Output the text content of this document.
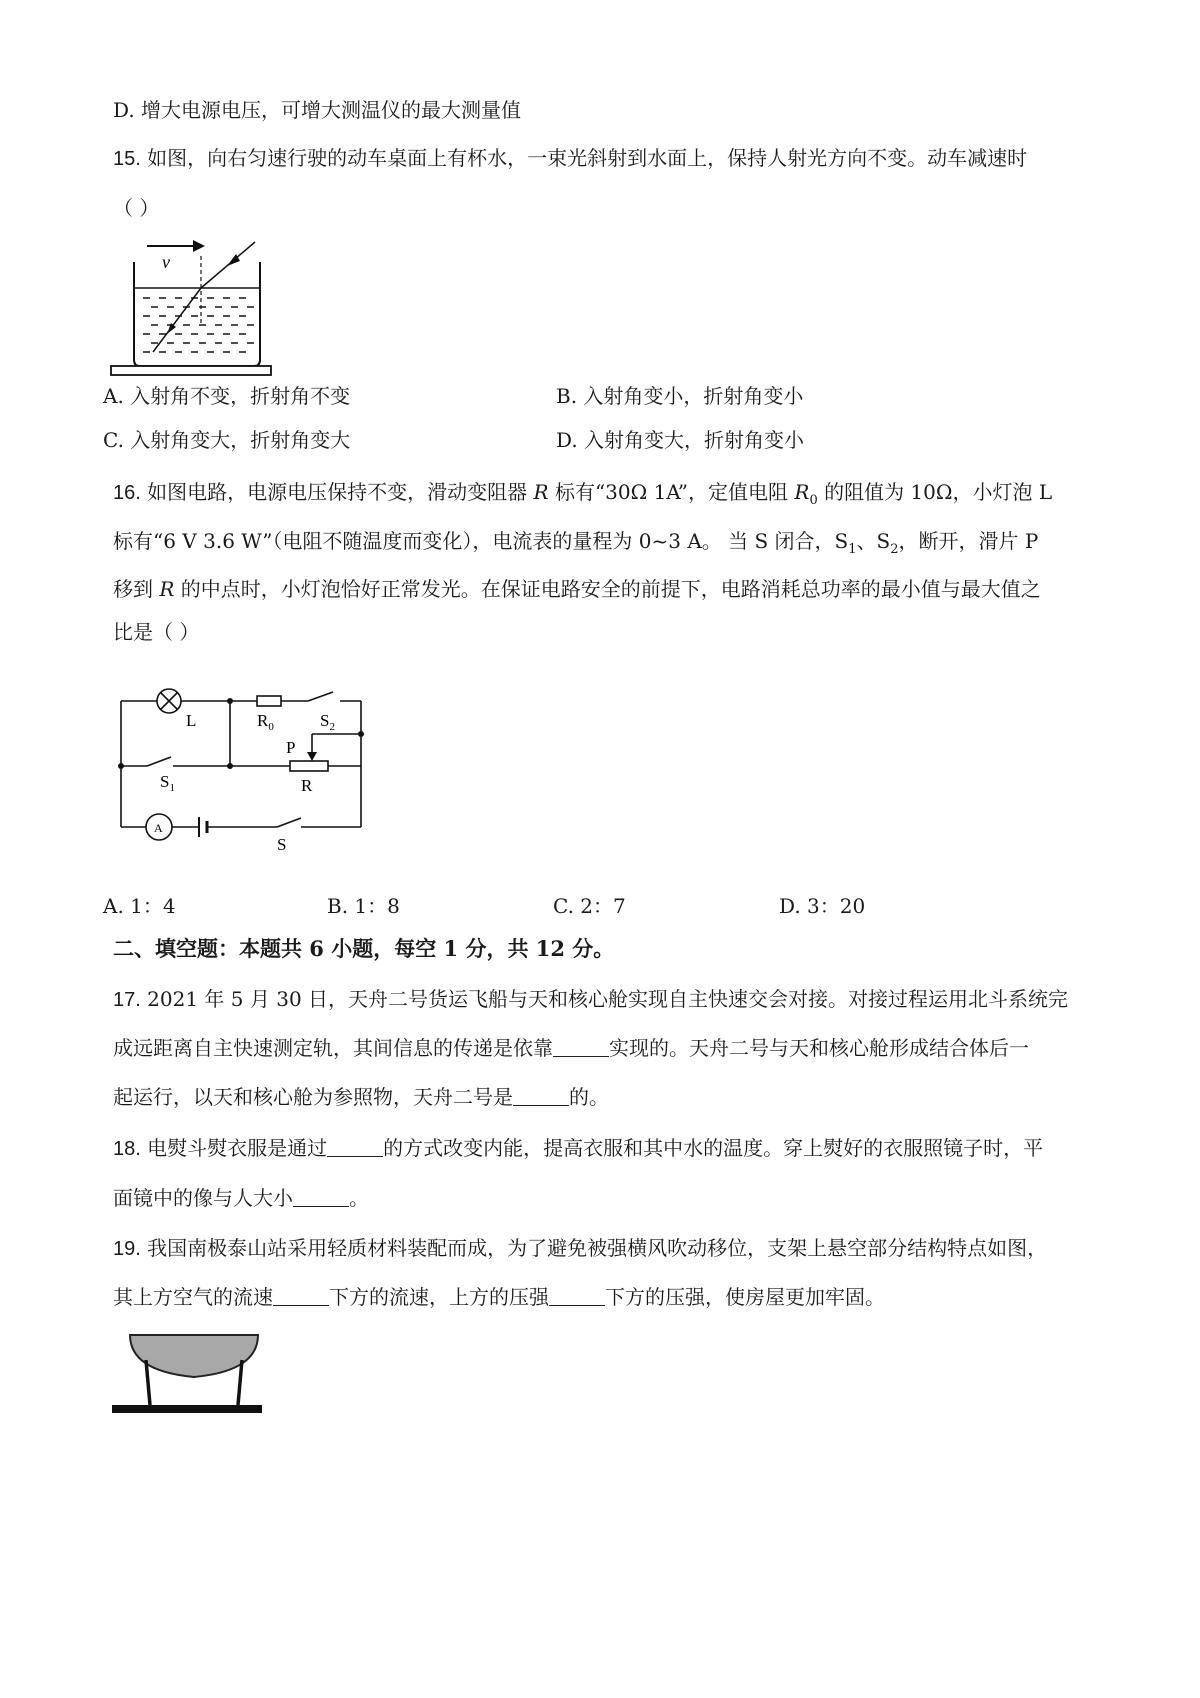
D. 增大电源电压，可增大测温仪的最大测量值
15. 如图，向右匀速行驶的动车桌面上有杯水，一束光斜射到水面上，保持人射光方向不变。动车减速时
（ ）
v
A. 入射角不变，折射角不变	B. 入射角变小，折射角变小
C. 入射角变大，折射角变大	D. 入射角变大，折射角变小
16. 如图电路，电源电压保持不变，滑动变阻器 R 标有“30Ω 1A”，定值电阻 $R_0$ 的阻值为 10Ω，小灯泡 L
标有“6 V 3.6 W”（电阻不随温度而变化），电流表的量程为 0~3 A。 当 S 闭合，$S_1$、$S_2$，断开，滑片 P
移到 R 的中点时，小灯泡恰好正常发光。在保证电路安全的前提下，电路消耗总功率的最小值与最大值之
比是（ ）
L	$R_0$	$S_2$
P
R
$S_1$
A
S
A. 1：4	B. 1：8	C. 2：7	D. 3：20
二、填空题：本题共 6 小题，每空 1 分，共 12 分。
17. 2021 年 5 月 30 日，天舟二号货运飞船与天和核心舱实现自主快速交会对接。对接过程运用北斗系统完
成远距离自主快速测定轨，其间信息的传递是依靠	实现的。天舟二号与天和核心舱形成结合体后一
起运行，以天和核心舱为参照物，天舟二号是	的。
18. 电熨斗熨衣服是通过	的方式改变内能，提高衣服和其中水的温度。穿上熨好的衣服照镜子时，平
面镜中的像与人大小	。
19. 我国南极泰山站采用轻质材料装配而成，为了避免被强横风吹动移位，支架上悬空部分结构特点如图，
其上方空气的流速	下方的流速，上方的压强	下方的压强，使房屋更加牢固。
